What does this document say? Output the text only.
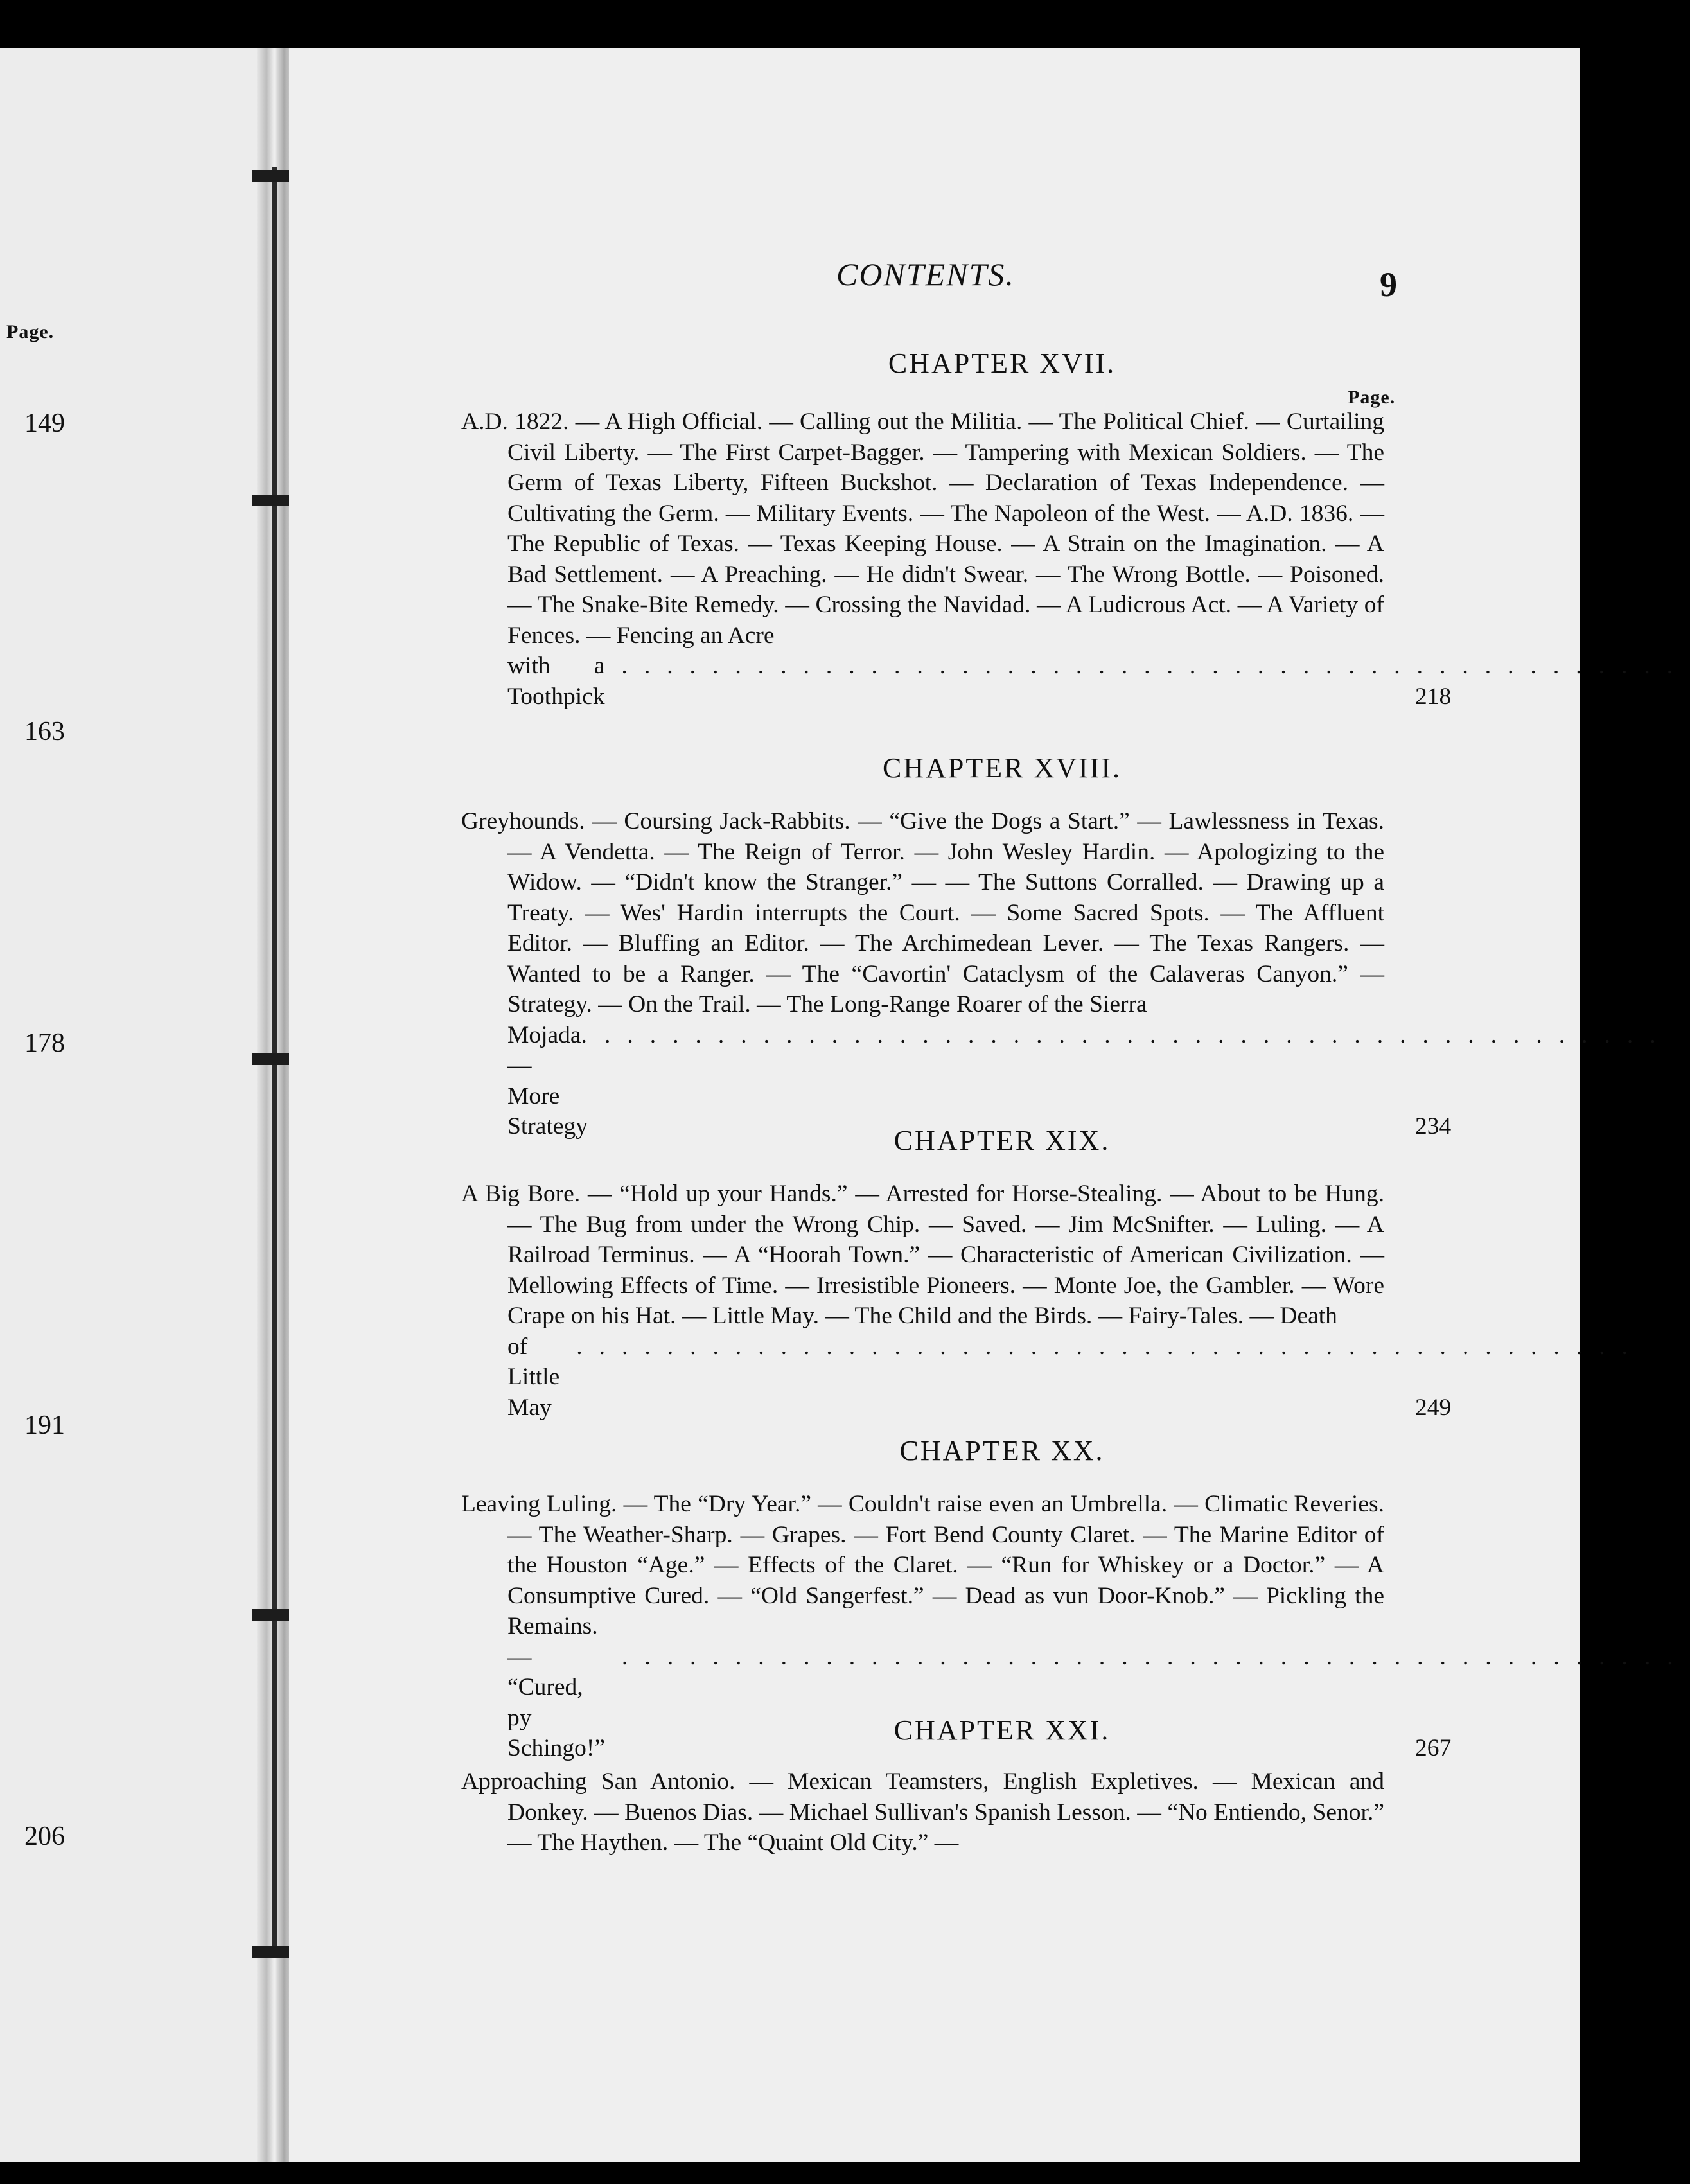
Page.

149

163

178

191

206

CONTENTS.	9

Page.

CHAPTER XVII.

A.D. 1822. — A High Official. — Calling out the Militia. — The Political Chief. — Curtailing Civil Liberty. — The First Carpet-Bagger. — Tampering with Mexican Soldiers. — The Germ of Texas Liberty, Fifteen Buckshot. — Declaration of Texas Independence. — Cultivating the Germ. — Military Events. — The Napoleon of the West. — A.D. 1836. — The Republic of Texas. — Texas Keeping House. — A Strain on the Imagination. — A Bad Settlement. — A Preaching. — He didn't Swear. — The Wrong Bottle. — Poisoned. — The Snake-Bite Remedy. — Crossing the Navidad. — A Ludicrous Act. — A Variety of Fences. — Fencing an Acre
with a Toothpick
...............................................

CHAPTER XVIII.

Greyhounds. — Coursing Jack-Rabbits. — “Give the Dogs a Start.” — Lawlessness in Texas. — A Vendetta. — The Reign of Terror. — John Wesley Hardin. — Apologizing to the Widow. — “Didn't know the Stranger.” — — The Suttons Corralled. — Drawing up a Treaty. — Wes' Hardin interrupts the Court. — Some Sacred Spots. — The Affluent Editor. — Bluffing an Editor. — The Archimedean Lever. — The Texas Rangers. — Wanted to be a Ranger. — The “Cavortin' Cataclysm of the Calaveras Canyon.” — Strategy. — On the Trail. — The Long-Range Roarer of the Sierra
Mojada. — More Strategy
...............................................

CHAPTER XIX.

A Big Bore. — “Hold up your Hands.” — Arrested for Horse-Stealing. — About to be Hung. — The Bug from under the Wrong Chip. — Saved. — Jim McSnifter. — Luling. — A Railroad Terminus. — A “Hoorah Town.” — Characteristic of American Civilization. — Mellowing Effects of Time. — Irresistible Pioneers. — Monte Joe, the Gambler. — Wore Crape on his Hat. — Little May. — The Child and the Birds. — Fairy-Tales. — Death
of Little May
...............................................

CHAPTER XX.

Leaving Luling. — The “Dry Year.” — Couldn't raise even an Umbrella. — Climatic Reveries. — The Weather-Sharp. — Grapes. — Fort Bend County Claret. — The Marine Editor of the Houston “Age.” — Effects of the Claret. — “Run for Whiskey or a Doctor.” — A Consumptive Cured. — “Old Sangerfest.” — Dead as vun Door-Knob.” — Pickling the Remains.
— “Cured, py Schingo!”
...............................................

CHAPTER XXI.

Approaching San Antonio. — Mexican Teamsters, English Expletives. — Mexican and Donkey. — Buenos Dias. — Michael Sullivan's Spanish Lesson. — “No Entiendo, Senor.” — The Haythen. — The “Quaint Old City.” —
